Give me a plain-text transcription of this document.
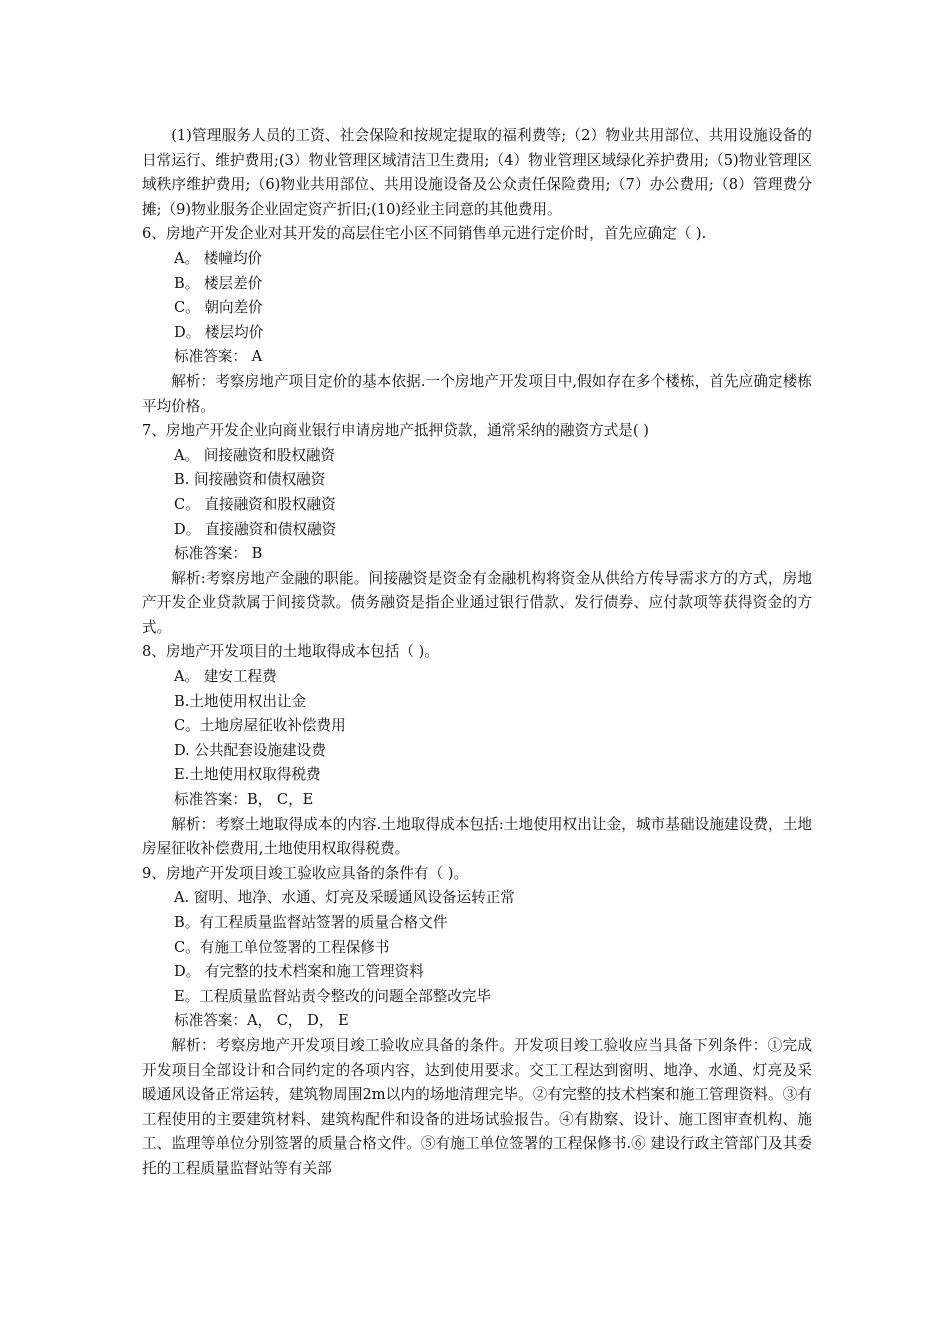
(1)管理服务人员的工资、社会保险和按规定提取的福利费等;（2）物业共用部位、共用设施设备的日常运行、维护费用;(3）物业管理区域清洁卫生费用;（4）物业管理区域绿化养护费用;（5)物业管理区域秩序维护费用;（6)物业共用部位、共用设施设备及公众责任保险费用;（7）办公费用;（8）管理费分摊;（9)物业服务企业固定资产折旧;(10)经业主同意的其他费用。

6、房地产开发企业对其开发的高层住宅小区不同销售单元进行定价时，首先应确定（ ).

A。 楼幢均价

B。 楼层差价

C。 朝向差价

D。 楼层均价

标准答案： A

解析：考察房地产项目定价的基本依据.一个房地产开发项目中,假如存在多个楼栋，首先应确定楼栋平均价格。

7、房地产开发企业向商业银行申请房地产抵押贷款，通常采纳的融资方式是( )

A。 间接融资和股权融资

B. 间接融资和债权融资

C。 直接融资和股权融资

D。 直接融资和债权融资

标准答案： B

解析:考察房地产金融的职能。间接融资是资金有金融机构将资金从供给方传导需求方的方式，房地产开发企业贷款属于间接贷款。债务融资是指企业通过银行借款、发行债券、应付款项等获得资金的方式。

8、房地产开发项目的土地取得成本包括（ )。

A。 建安工程费

B.土地使用权出让金

C。土地房屋征收补偿费用

D. 公共配套设施建设费

E.土地使用权取得税费

标准答案：B， C，E

解析：考察土地取得成本的内容.土地取得成本包括:土地使用权出让金，城市基础设施建设费，土地房屋征收补偿费用,土地使用权取得税费。

9、房地产开发项目竣工验收应具备的条件有（ )。

A. 窗明、地净、水通、灯亮及采暖通风设备运转正常

B。有工程质量监督站签署的质量合格文件

C。有施工单位签署的工程保修书

D。 有完整的技术档案和施工管理资料

E。工程质量监督站责令整改的问题全部整改完毕

标准答案：A， C， D， E

解析：考察房地产开发项目竣工验收应具备的条件。开发项目竣工验收应当具备下列条件：①完成开发项目全部设计和合同约定的各项内容，达到使用要求。交工工程达到窗明、地净、水通、灯亮及采暖通风设备正常运转，建筑物周围2m以内的场地清理完毕。②有完整的技术档案和施工管理资料。③有工程使用的主要建筑材料、建筑构配件和设备的进场试验报告。④有勘察、设计、施工图审查机构、施工、监理等单位分别签署的质量合格文件。⑤有施工单位签署的工程保修书.⑥ 建设行政主管部门及其委托的工程质量监督站等有关部
